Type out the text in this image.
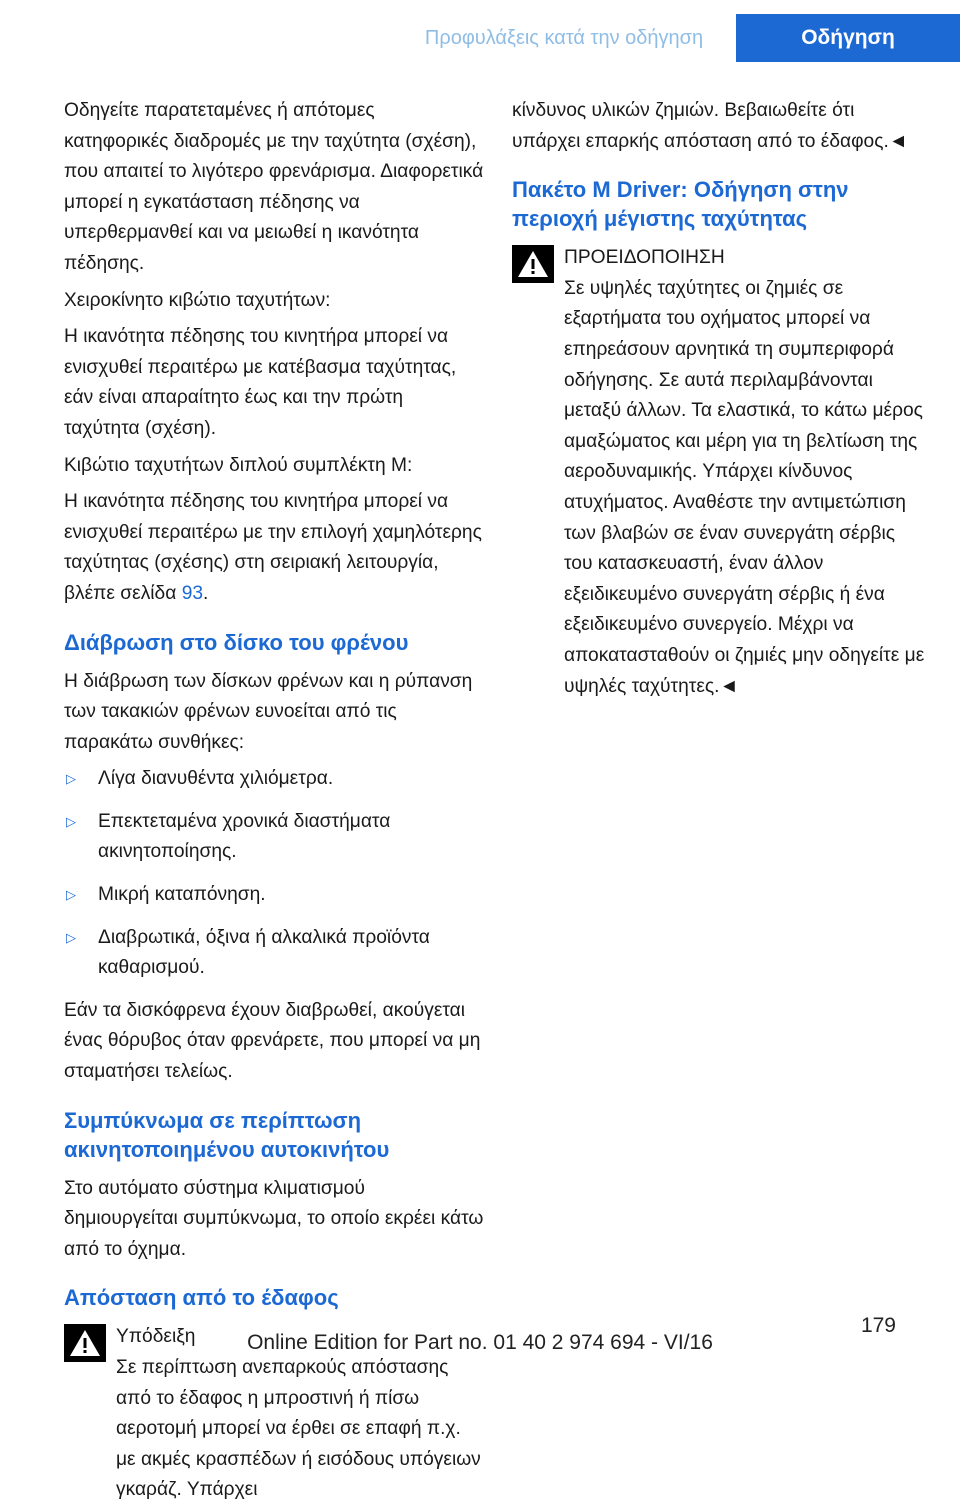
Προφυλάξεις κατά την οδήγηση	Οδήγηση

Οδηγείτε παρατεταμένες ή απότομες κατηφορικές διαδρομές με την ταχύτητα (σχέση), που απαιτεί το λιγότερο φρενάρισμα. Διαφορετικά μπορεί η εγκατάσταση πέδησης να υπερθερμανθεί και να μειωθεί η ικανότητα πέδησης.

Χειροκίνητο κιβώτιο ταχυτήτων:

Η ικανότητα πέδησης του κινητήρα μπορεί να ενισχυθεί περαιτέρω με κατέβασμα ταχύτητας, εάν είναι απαραίτητο έως και την πρώτη ταχύτητα (σχέση).

Κιβώτιο ταχυτήτων διπλού συμπλέκτη M:

Η ικανότητα πέδησης του κινητήρα μπορεί να ενισχυθεί περαιτέρω με την επιλογή χαμηλότερης ταχύτητας (σχέσης) στη σειριακή λειτουργία, βλέπε σελίδα 93.

Διάβρωση στο δίσκο του φρένου

Η διάβρωση των δίσκων φρένων και η ρύπανση των τακακιών φρένων ευνοείται από τις παρακάτω συνθήκες:

▷ Λίγα διανυθέντα χιλιόμετρα.
▷ Επεκτεταμένα χρονικά διαστήματα ακινητοποίησης.
▷ Μικρή καταπόνηση.
▷ Διαβρωτικά, όξινα ή αλκαλικά προϊόντα καθαρισμού.

Εάν τα δισκόφρενα έχουν διαβρωθεί, ακούγεται ένας θόρυβος όταν φρενάρετε, που μπορεί να μη σταματήσει τελείως.

Συμπύκνωμα σε περίπτωση ακινητοποιημένου αυτοκινήτου

Στο αυτόματο σύστημα κλιματισμού δημιουργείται συμπύκνωμα, το οποίο εκρέει κάτω από το όχημα.

Απόσταση από το έδαφος
Υπόδειξη
Σε περίπτωση ανεπαρκούς απόστασης από το έδαφος η μπροστινή ή πίσω αεροτομή μπορεί να έρθει σε επαφή π.χ. με ακμές κρασπέδων ή εισόδους υπόγειων γκαράζ. Υπάρχει

κίνδυνος υλικών ζημιών. Βεβαιωθείτε ότι υπάρχει επαρκής απόσταση από το έδαφος.◄

Πακέτο M Driver: Οδήγηση στην περιοχή μέγιστης ταχύτητας
ΠΡΟΕΙΔΟΠΟΙΗΣΗ
Σε υψηλές ταχύτητες οι ζημιές σε εξαρτήματα του οχήματος μπορεί να επηρεάσουν αρνητικά τη συμπεριφορά οδήγησης. Σε αυτά περιλαμβάνονται μεταξύ άλλων. Τα ελαστικά, το κάτω μέρος αμαξώματος και μέρη για τη βελτίωση της αεροδυναμικής. Υπάρχει κίνδυνος ατυχήματος. Αναθέστε την αντιμετώπιση των βλαβών σε έναν συνεργάτη σέρβις του κατασκευαστή, έναν άλλον εξειδικευμένο συνεργάτη σέρβις ή ένα εξειδικευμένο συνεργείο. Μέχρι να αποκατασταθούν οι ζημιές μην οδηγείτε με υψηλές ταχύτητες.◄
179
Online Edition for Part no. 01 40 2 974 694 - VI/16
